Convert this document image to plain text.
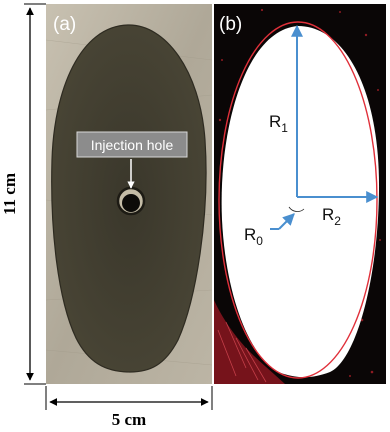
(a)
Injection hole
(b)
$R_1$
$R_2$
$R_0$
11 cm
5 cm
